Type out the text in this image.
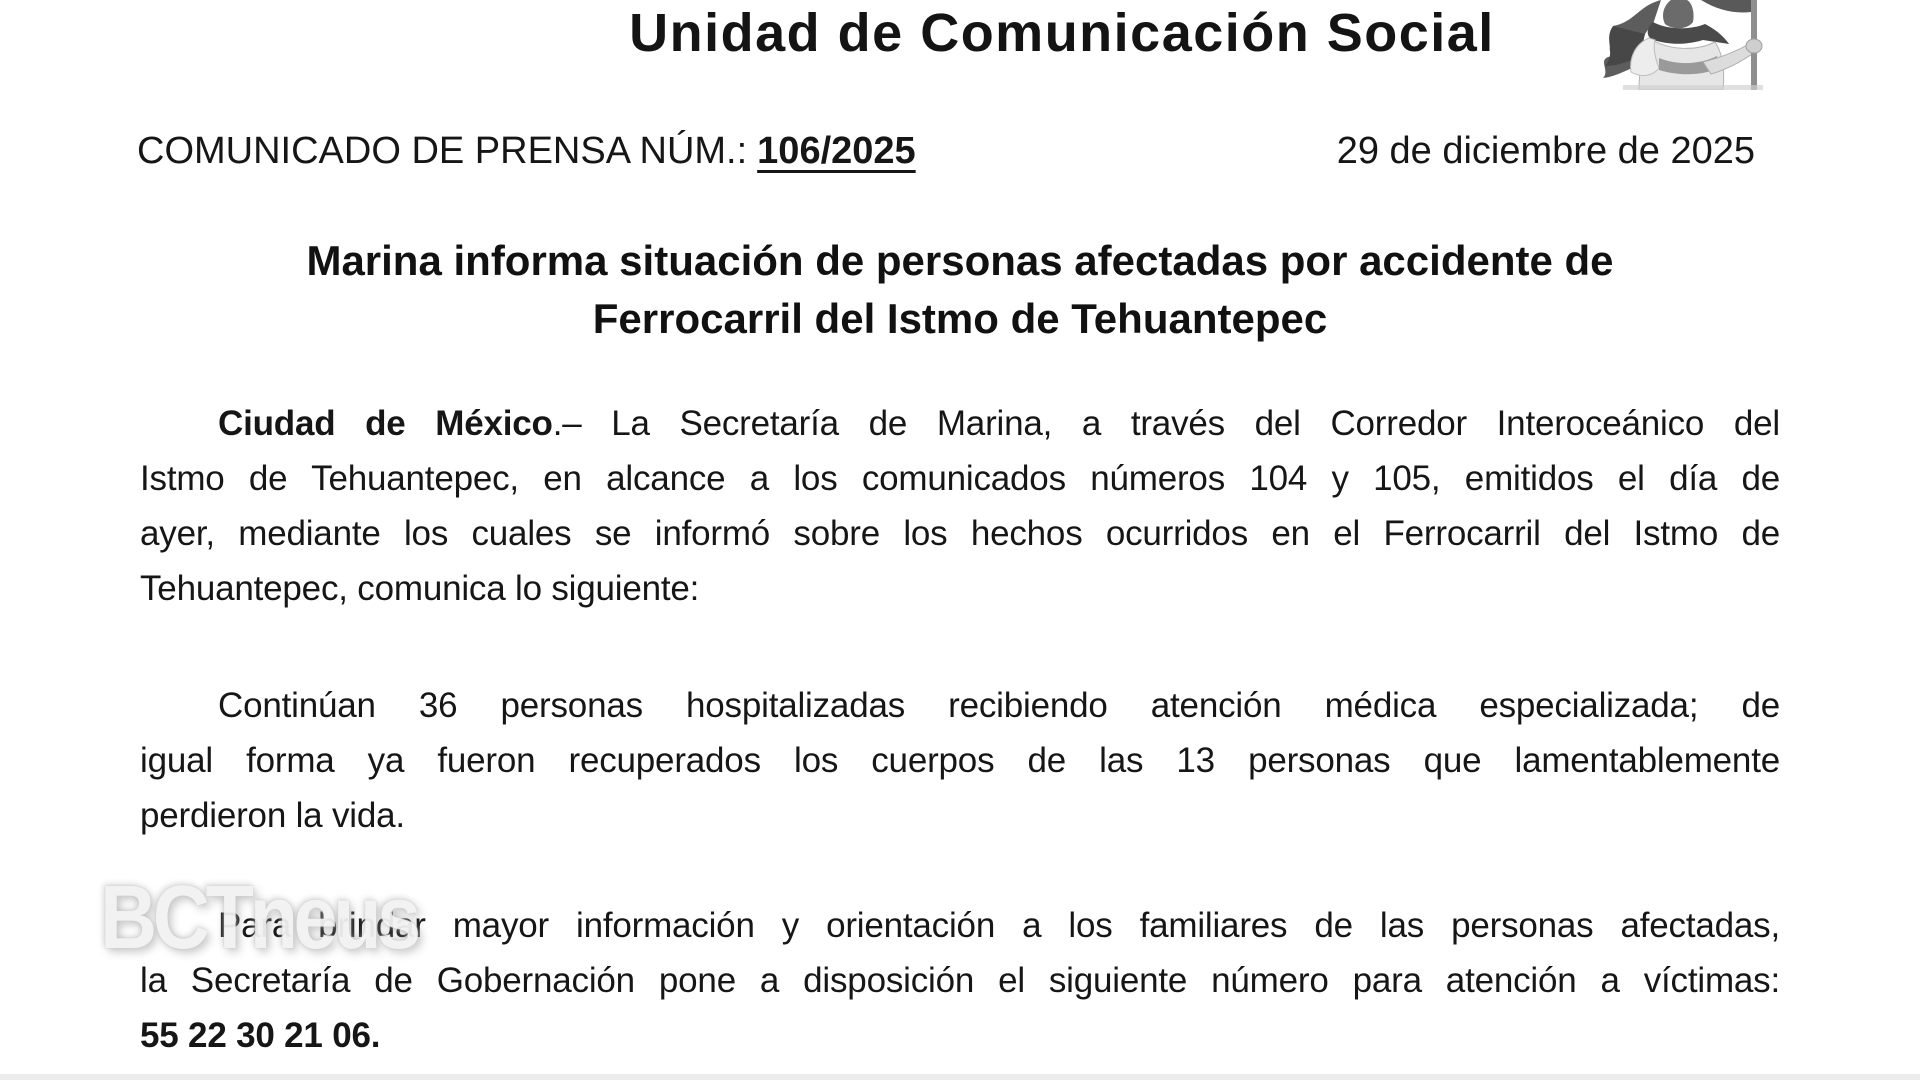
Unidad de Comunicación Social
COMUNICADO DE PRENSA NÚM.: 106/2025	29 de diciembre de 2025
Marina informa situación de personas afectadas por accidente de
Ferrocarril del Istmo de Tehuantepec
Ciudad de México.– La Secretaría de Marina, a través del Corredor Interoceánico del
Istmo de Tehuantepec, en alcance a los comunicados números 104 y 105, emitidos el día de
ayer, mediante los cuales se informó sobre los hechos ocurridos en el Ferrocarril del Istmo de
Tehuantepec, comunica lo siguiente:
Continúan 36 personas hospitalizadas recibiendo atención médica especializada; de
igual forma ya fueron recuperados los cuerpos de las 13 personas que lamentablemente
perdieron la vida.
Para brindar mayor información y orientación a los familiares de las personas afectadas,
la Secretaría de Gobernación pone a disposición el siguiente número para atención a víctimas:
55 22 30 21 06.
BCTneus
